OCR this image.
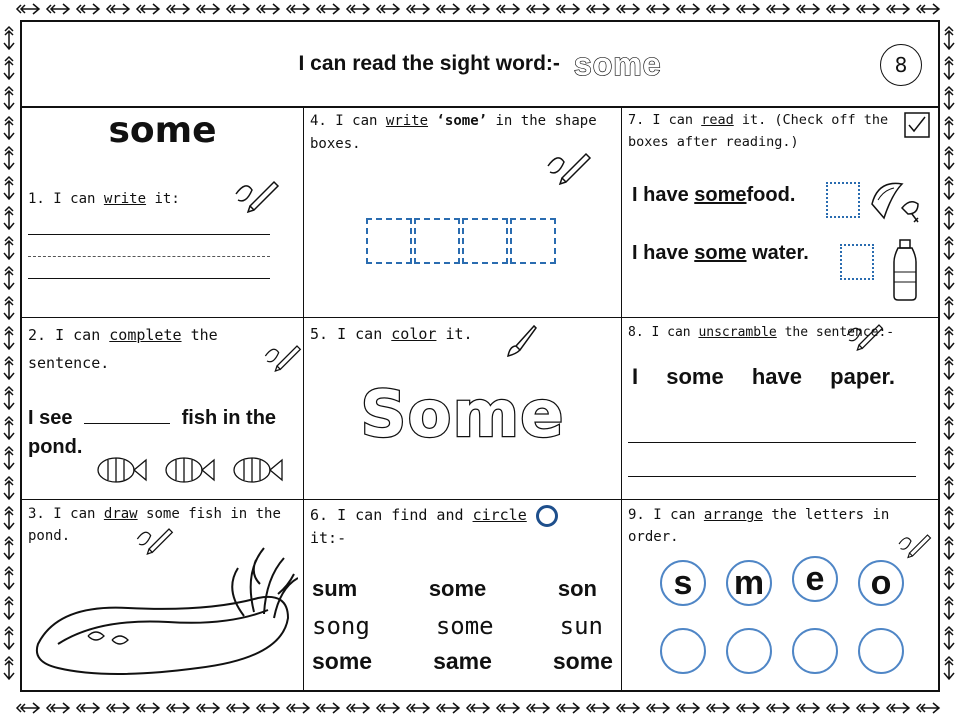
I can read the sight word:- some	8
some
1. I can write it:
4. I can write ‘some’ in the shape boxes.
7. I can read it. (Check off the boxes after reading.)
I have somefood.
I have some water.
2. I can complete the sentence.
I see	fish in the
pond.
5. I can color it.
Some
8. I can unscramble the sentence:-
I some have paper.
3. I can draw some fish in the pond.
6. I can find and circle
it:-
sum	some	son
song	some	sun
some	same	some
9. I can arrange the letters in order.
s	m	e	o
